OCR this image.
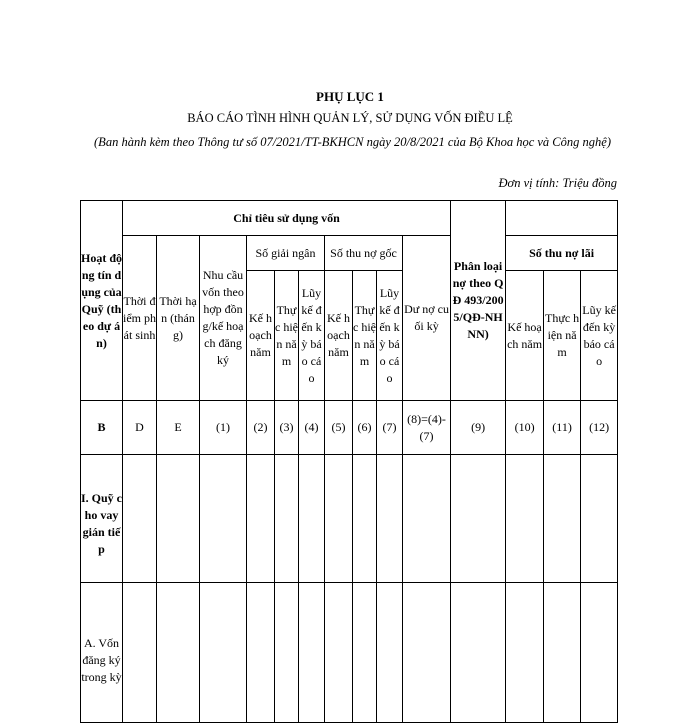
PHỤ LỤC 1
BÁO CÁO TÌNH HÌNH QUẢN LÝ, SỬ DỤNG VỐN ĐIỀU LỆ
(Ban hành kèm theo Thông tư số 07/2021/TT-BKHCN ngày 20/8/2021 của Bộ Khoa học và Công nghệ)
Đơn vị tính: Triệu đồng
Hoạt động tín dụng của Quỹ (theo dự án)	Chỉ tiêu sử dụng vốn										Phân loại nợ theo QĐ 493/2005/QĐ-NHNN)			
	Thời điểm phát sinh	Thời hạn (tháng)	Nhu cầu vốn theo hợp đồng/kế hoạch đăng ký	Số giải ngân			Số thu nợ gốc			Dư nợ cuối kỳ		Số thu nợ lãi		
				Kế hoạch năm	Thực hiện năm	Lũy kế đến kỳ báo cáo	Kế hoạch năm	Thực hiện năm	Lũy kế đến kỳ báo cáo			Kế hoạch năm	Thực hiện năm	Lũy kế đến kỳ báo cáo
B	D	E	(1)	(2)	(3)	(4)	(5)	(6)	(7)	(8)=(4)-(7)	(9)	(10)	(11)	(12)
I. Quỹ cho vay gián tiếp														
A. Vốn đăng ký trong kỳ														
